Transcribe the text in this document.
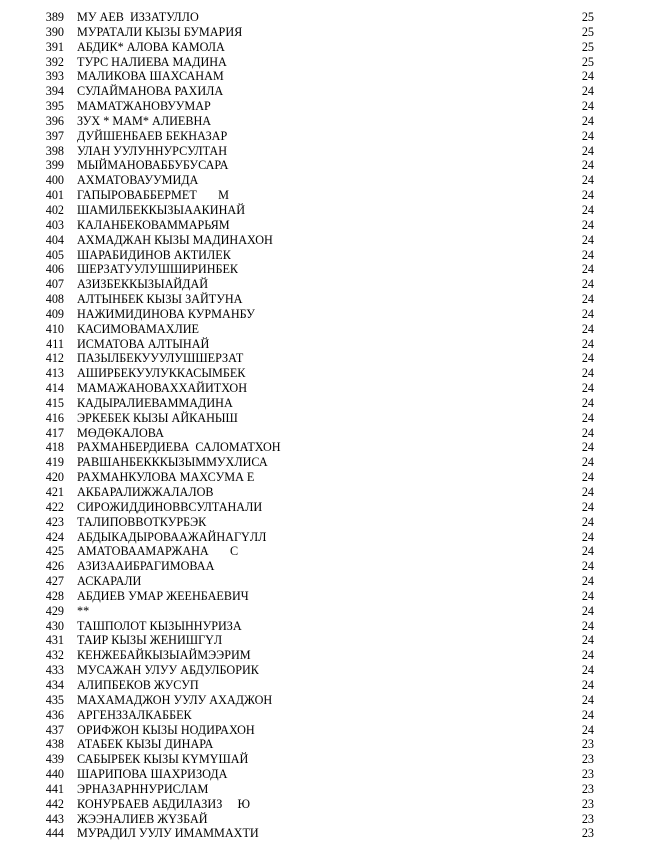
389 МУ АЕВ  ИЗЗАТУЛЛО	25
390 МУРАТАЛИ КЫЗЫ БУМАРИЯ	25
391 АБДИК* АЛОВА КАМОЛА	25
392 ТУРС НАЛИЕВА МАДИНА	25
393 МАЛИКОВА ШАХСАНАМ	24
394 СУЛАЙМАНОВА РАХИЛА	24
395 МАМАТЖАНОВУУМАР	24
396 ЗУХ * МАМ* АЛИЕВНА	24
397 ДУЙШЕНБАЕВ БЕКНАЗАР	24
398 УЛАН УУЛУННУРСУЛТАН	24
399 МЫЙМАНОВАББУБУСАРА	24
400 АХМАТОВАУУМИДА	24
401 ГАПЫРОВАББЕРМЕТ       М	24
402 ШАМИЛБЕККЫЗЫААКИНАЙ	24
403 КАЛАНБЕКОВАММАРЬЯМ	24
404 АХМАДЖАН КЫЗЫ МАДИНАХОН	24
405 ШАРАБИДИНОВ АКТИЛЕК	24
406 ШЕРЗАТУУЛУШШИРИНБЕК	24
407 АЗИЗБЕККЫЗЫАЙДАЙ	24
408 АЛТЫНБЕК КЫЗЫ ЗАЙТУНА	24
409 НАЖИМИДИНОВА КУРМАНБУ	24
410 КАСИМОВАМАХЛИЕ	24
411 ИСМАТОВА АЛТЫНАЙ	24
412 ПАЗЫЛБЕКУУУЛУШШЕРЗАТ	24
413 АШИРБЕКУУЛУККАСЫМБЕК	24
414 МАМАЖАНОВАХХАЙИТХОН	24
415 КАДЫРАЛИЕВАММАДИНА	24
416 ЭРКЕБЕК КЫЗЫ АЙКАНЫШ	24
417 МӨДӨКАЛОВА	24
418 РАХМАНБЕРДИЕВА  САЛОМАТХОН	24
419 РАВШАНБЕКККЫЗЫММУХЛИСА	24
420 РАХМАНКУЛОВА МАХСУМА Е	24
421 АКБАРАЛИЖЖАЛАЛОВ	24
422 СИРОЖИДДИНОВВСУЛТАНАЛИ	24
423 ТАЛИПОВВОТКУРБЭК	24
424 АБДЫКАДЫРОВААЖАЙНАГҮЛЛ	24
425 АМАТОВААМАРЖАНА       С	24
426 АЗИЗААИБРАГИМОВАА	24
427 АСКАРАЛИ	24
428 АБДИЕВ УМАР ЖЕЕНБАЕВИЧ	24
429 **	24
430 ТАШПОЛОТ КЫЗЫННУРИЗА	24
431 ТАИР КЫЗЫ ЖЕНИШГҮЛ	24
432 КЕНЖЕБАЙКЫЗЫАЙМЭЭРИМ	24
433 МУСАЖАН УЛУУ АБДУЛБОРИК	24
434 АЛИПБЕКОВ ЖУСУП	24
435 МАХАМАДЖОН УУЛУ АХАДЖОН	24
436 АРГЕНЗЗАЛКАББЕК	24
437 ОРИФЖОН КЫЗЫ НОДИРАХОН	24
438 АТАБЕК КЫЗЫ ДИНАРА	23
439 САБЫРБЕК КЫЗЫ КҮМҮШАЙ	23
440 ШАРИПОВА ШАХРИЗОДА	23
441 ЭРНАЗАРННУРИСЛАМ	23
442 КОНУРБАЕВ АБДИЛАЗИЗ     Ю	23
443 ЖЭЭНАЛИЕВ ЖҮЗБАЙ	23
444 МУРАДИЛ УУЛУ ИМАММАХТИ	23
